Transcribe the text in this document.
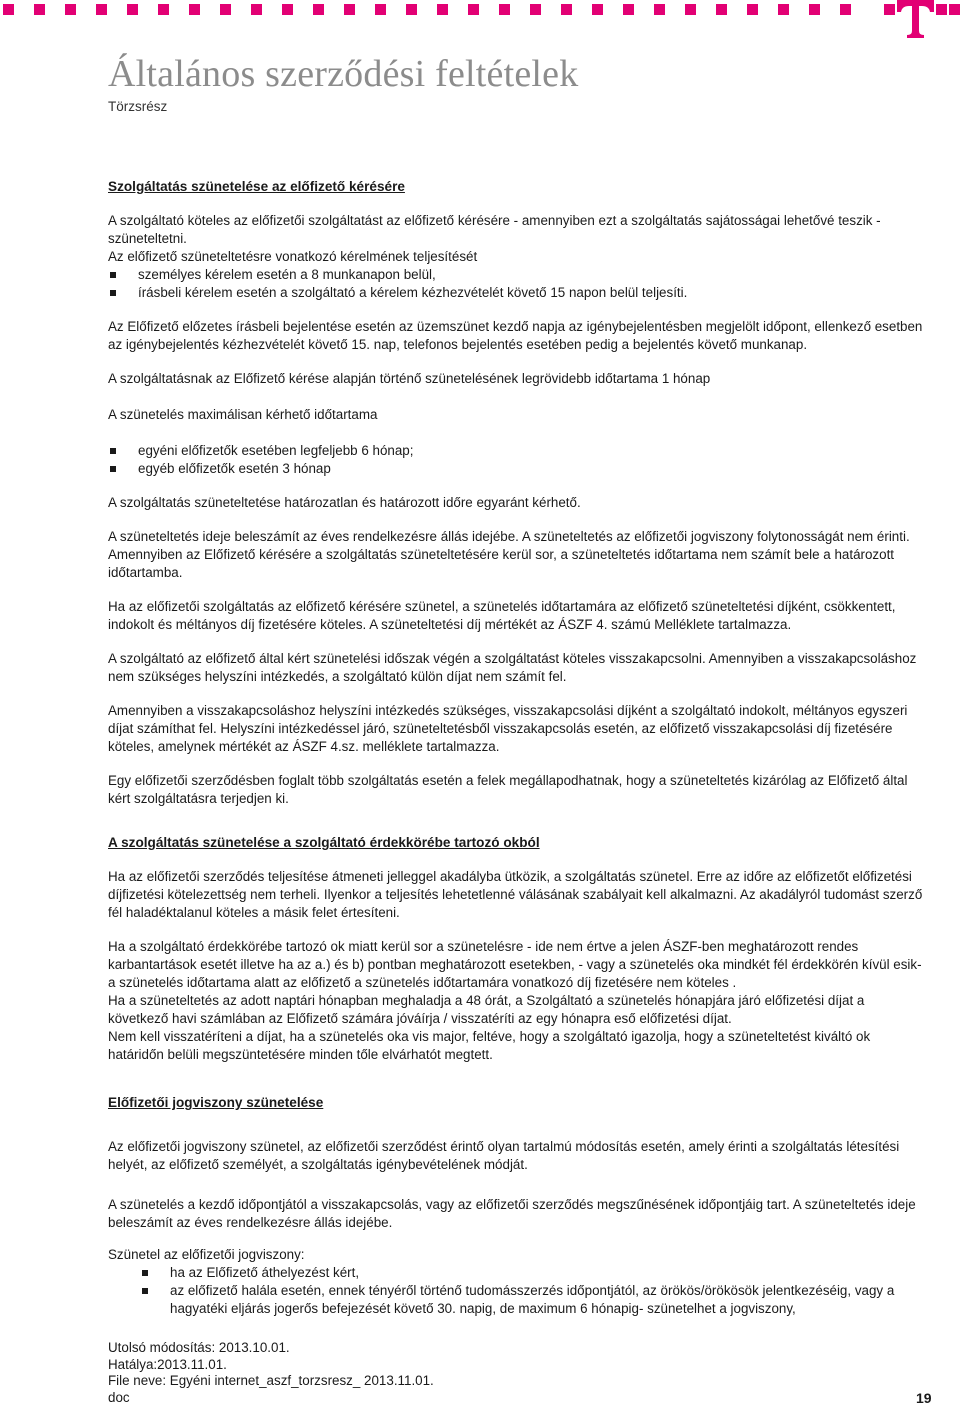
Általános szerződési feltételek
Törzsrész
Szolgáltatás szünetelése az előfizető kérésére

A szolgáltató köteles az előfizetői szolgáltatást az előfizető kérésére - amennyiben ezt a szolgáltatás sajátosságai lehetővé teszik - szüneteltetni.

Az előfizető szüneteltetésre vonatkozó kérelmének teljesítését

személyes kérelem esetén a 8 munkanapon belül,
írásbeli kérelem esetén a szolgáltató a kérelem kézhezvételét követő 15 napon belül teljesíti.

Az Előfizető előzetes írásbeli bejelentése esetén az üzemszünet kezdő napja az igénybejelentésben megjelölt időpont, ellenkező esetben az igénybejelentés kézhezvételét követő 15. nap, telefonos bejelentés esetében pedig a bejelentés követő munkanap.

A szolgáltatásnak az Előfizető kérése alapján történő szünetelésének legrövidebb időtartama 1 hónap

A szünetelés maximálisan kérhető időtartama

egyéni előfizetők esetében legfeljebb 6 hónap;
egyéb előfizetők esetén 3 hónap

A szolgáltatás szüneteltetése határozatlan és határozott időre egyaránt kérhető.

A szüneteltetés ideje beleszámít az éves rendelkezésre állás idejébe. A szüneteltetés az előfizetői jogviszony folytonosságát nem érinti. Amennyiben az Előfizető kérésére a szolgáltatás szüneteltetésére kerül sor, a szüneteltetés időtartama nem számít bele a határozott időtartamba.

Ha az előfizetői szolgáltatás az előfizető kérésére szünetel, a szünetelés időtartamára az előfizető szüneteltetési díjként, csökkentett, indokolt és méltányos díj fizetésére köteles. A szüneteltetési díj mértékét az ÁSZF 4. számú Melléklete tartalmazza.

A szolgáltató az előfizető által kért szünetelési időszak végén a szolgáltatást köteles visszakapcsolni. Amennyiben a visszakapcsoláshoz nem szükséges helyszíni intézkedés, a szolgáltató külön díjat nem számít fel.

Amennyiben a visszakapcsoláshoz helyszíni intézkedés szükséges, visszakapcsolási díjként a szolgáltató indokolt, méltányos egyszeri díjat számíthat fel. Helyszíni intézkedéssel járó, szüneteltetésből visszakapcsolás esetén, az előfizető visszakapcsolási díj fizetésére köteles, amelynek mértékét az ÁSZF 4.sz. melléklete tartalmazza.

Egy előfizetői szerződésben foglalt több szolgáltatás esetén a felek megállapodhatnak, hogy a szüneteltetés kizárólag az Előfizető által kért szolgáltatásra terjedjen ki.

A szolgáltatás szünetelése a szolgáltató érdekkörébe tartozó okból

Ha az előfizetői szerződés teljesítése átmeneti jelleggel akadályba ütközik, a szolgáltatás szünetel. Erre az időre az előfizetőt előfizetési díjfizetési kötelezettség nem terheli. Ilyenkor a teljesítés lehetetlenné válásának szabályait kell alkalmazni. Az akadályról tudomást szerző fél haladéktalanul köteles a másik felet értesíteni.

Ha a szolgáltató érdekkörébe tartozó ok miatt kerül sor a szünetelésre - ide nem értve a jelen ÁSZF-ben meghatározott rendes karbantartások esetét illetve ha az a.) és b) pontban meghatározott esetekben, - vagy a szünetelés oka mindkét fél érdekkörén kívül esik- a szünetelés időtartama alatt az előfizető a szünetelés időtartamára vonatkozó díj fizetésére nem köteles .

Ha a szüneteltetés az adott naptári hónapban meghaladja a 48 órát, a Szolgáltató a szünetelés hónapjára járó előfizetési díjat a következő havi számlában az Előfizető számára jóváírja / visszatéríti az egy hónapra eső előfizetési díjat.

Nem kell visszatéríteni a díjat, ha a szünetelés oka vis major, feltéve, hogy a szolgáltató igazolja, hogy a szüneteltetést kiváltó ok határidőn belüli megszüntetésére minden tőle elvárhatót megtett.

Előfizetői jogviszony szünetelése

Az előfizetői jogviszony szünetel, az előfizetői szerződést érintő olyan tartalmú módosítás esetén, amely érinti a szolgáltatás létesítési helyét, az előfizető személyét, a szolgáltatás igénybevételének módját.

A szünetelés a kezdő időpontjától a visszakapcsolás, vagy az előfizetői szerződés megszűnésének időpontjáig tart. A szüneteltetés ideje beleszámít az éves rendelkezésre állás idejébe.

Szünetel az előfizetői jogviszony:

ha az Előfizető áthelyezést kért,
az előfizető halála esetén, ennek tényéről történő tudomásszerzés időpontjától, az örökös/örökösök jelentkezéséig, vagy a hagyatéki eljárás jogerős befejezését követő 30. napig, de maximum 6 hónapig- szünetelhet a jogviszony,
Utolsó módosítás: 2013.10.01.
Hatálya:2013.11.01.
File neve: Egyéni internet_aszf_torzsresz_ 2013.11.01.
doc	19
